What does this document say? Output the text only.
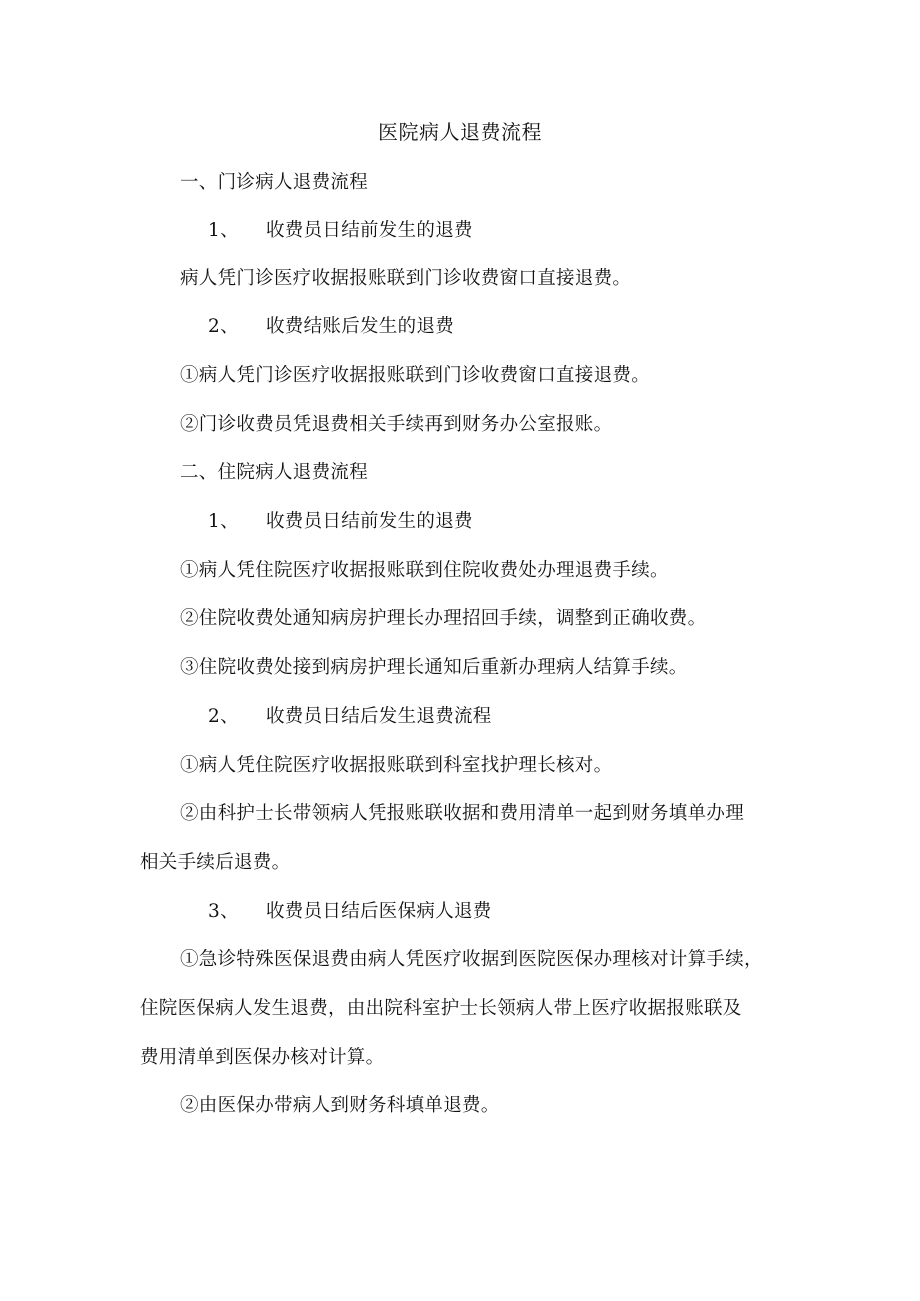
医院病人退费流程
一、门诊病人退费流程
1、 收费员日结前发生的退费
病人凭门诊医疗收据报账联到门诊收费窗口直接退费。
2、 收费结账后发生的退费
①病人凭门诊医疗收据报账联到门诊收费窗口直接退费。
②门诊收费员凭退费相关手续再到财务办公室报账。
二、住院病人退费流程
1、 收费员日结前发生的退费
①病人凭住院医疗收据报账联到住院收费处办理退费手续。
②住院收费处通知病房护理长办理招回手续，调整到正确收费。
③住院收费处接到病房护理长通知后重新办理病人结算手续。
2、 收费员日结后发生退费流程
①病人凭住院医疗收据报账联到科室找护理长核对。
②由科护士长带领病人凭报账联收据和费用清单一起到财务填单办理
相关手续后退费。
3、 收费员日结后医保病人退费
①急诊特殊医保退费由病人凭医疗收据到医院医保办理核对计算手续，
住院医保病人发生退费，由出院科室护士长领病人带上医疗收据报账联及
费用清单到医保办核对计算。
②由医保办带病人到财务科填单退费。
